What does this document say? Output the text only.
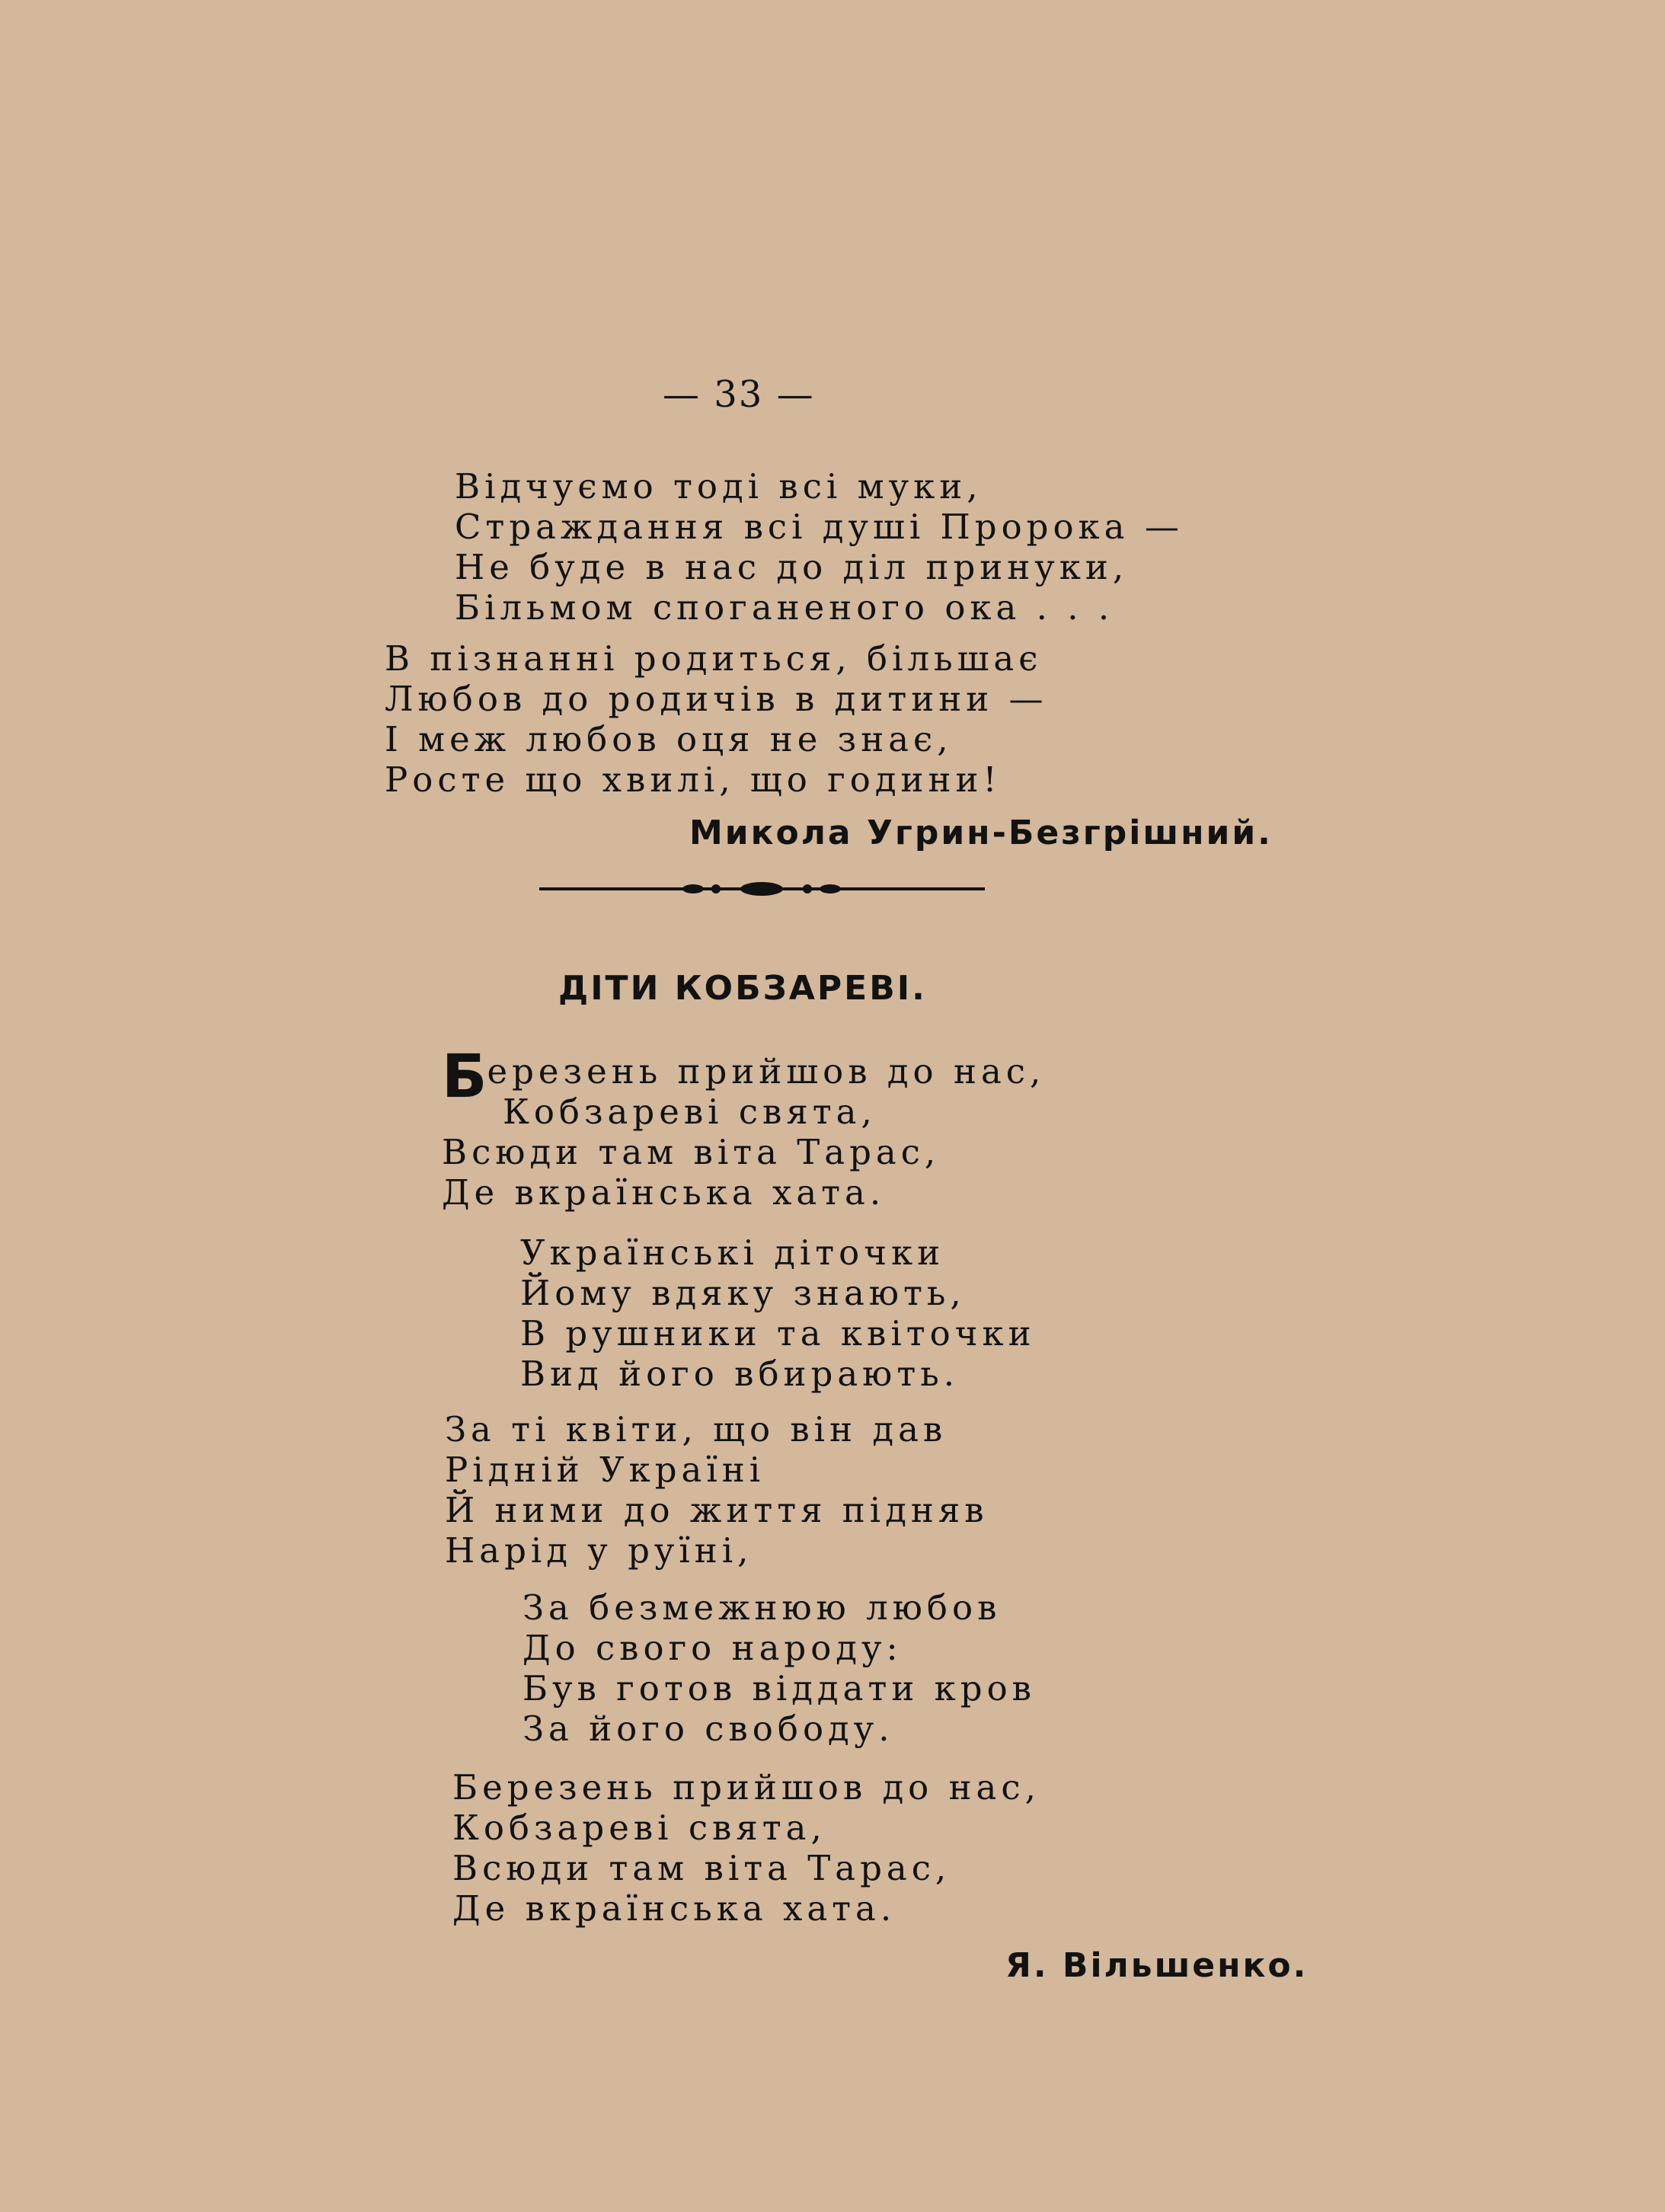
— 33 —
Відчуємо тоді всі муки,
Страждання всі душі Пророка —
Не буде в нас до діл принуки,
Більмом споганеного ока . . .
В пізнанні родиться, більшає
Любов до родичів в дитини —
І меж любов оця не знає,
Росте що хвилі, що години!
Микола Угрин-Безгрішний.
ДІТИ КОБЗАРЕВІ.
Березень прийшов до нас,
Кобзареві свята,
Всюди там віта Тарас,
Де вкраїнська хата.
Українські діточки
Йому вдяку знають,
В рушники та квіточки
Вид його вбирають.
За ті квіти, що він дав
Рідній Україні
Й ними до життя підняв
Нарід у руїні,
За безмежнюю любов
До свого народу:
Був готов віддати кров
За його свободу.
Березень прийшов до нас,
Кобзареві свята,
Всюди там віта Тарас,
Де вкраїнська хата.
Я. Вільшенко.
